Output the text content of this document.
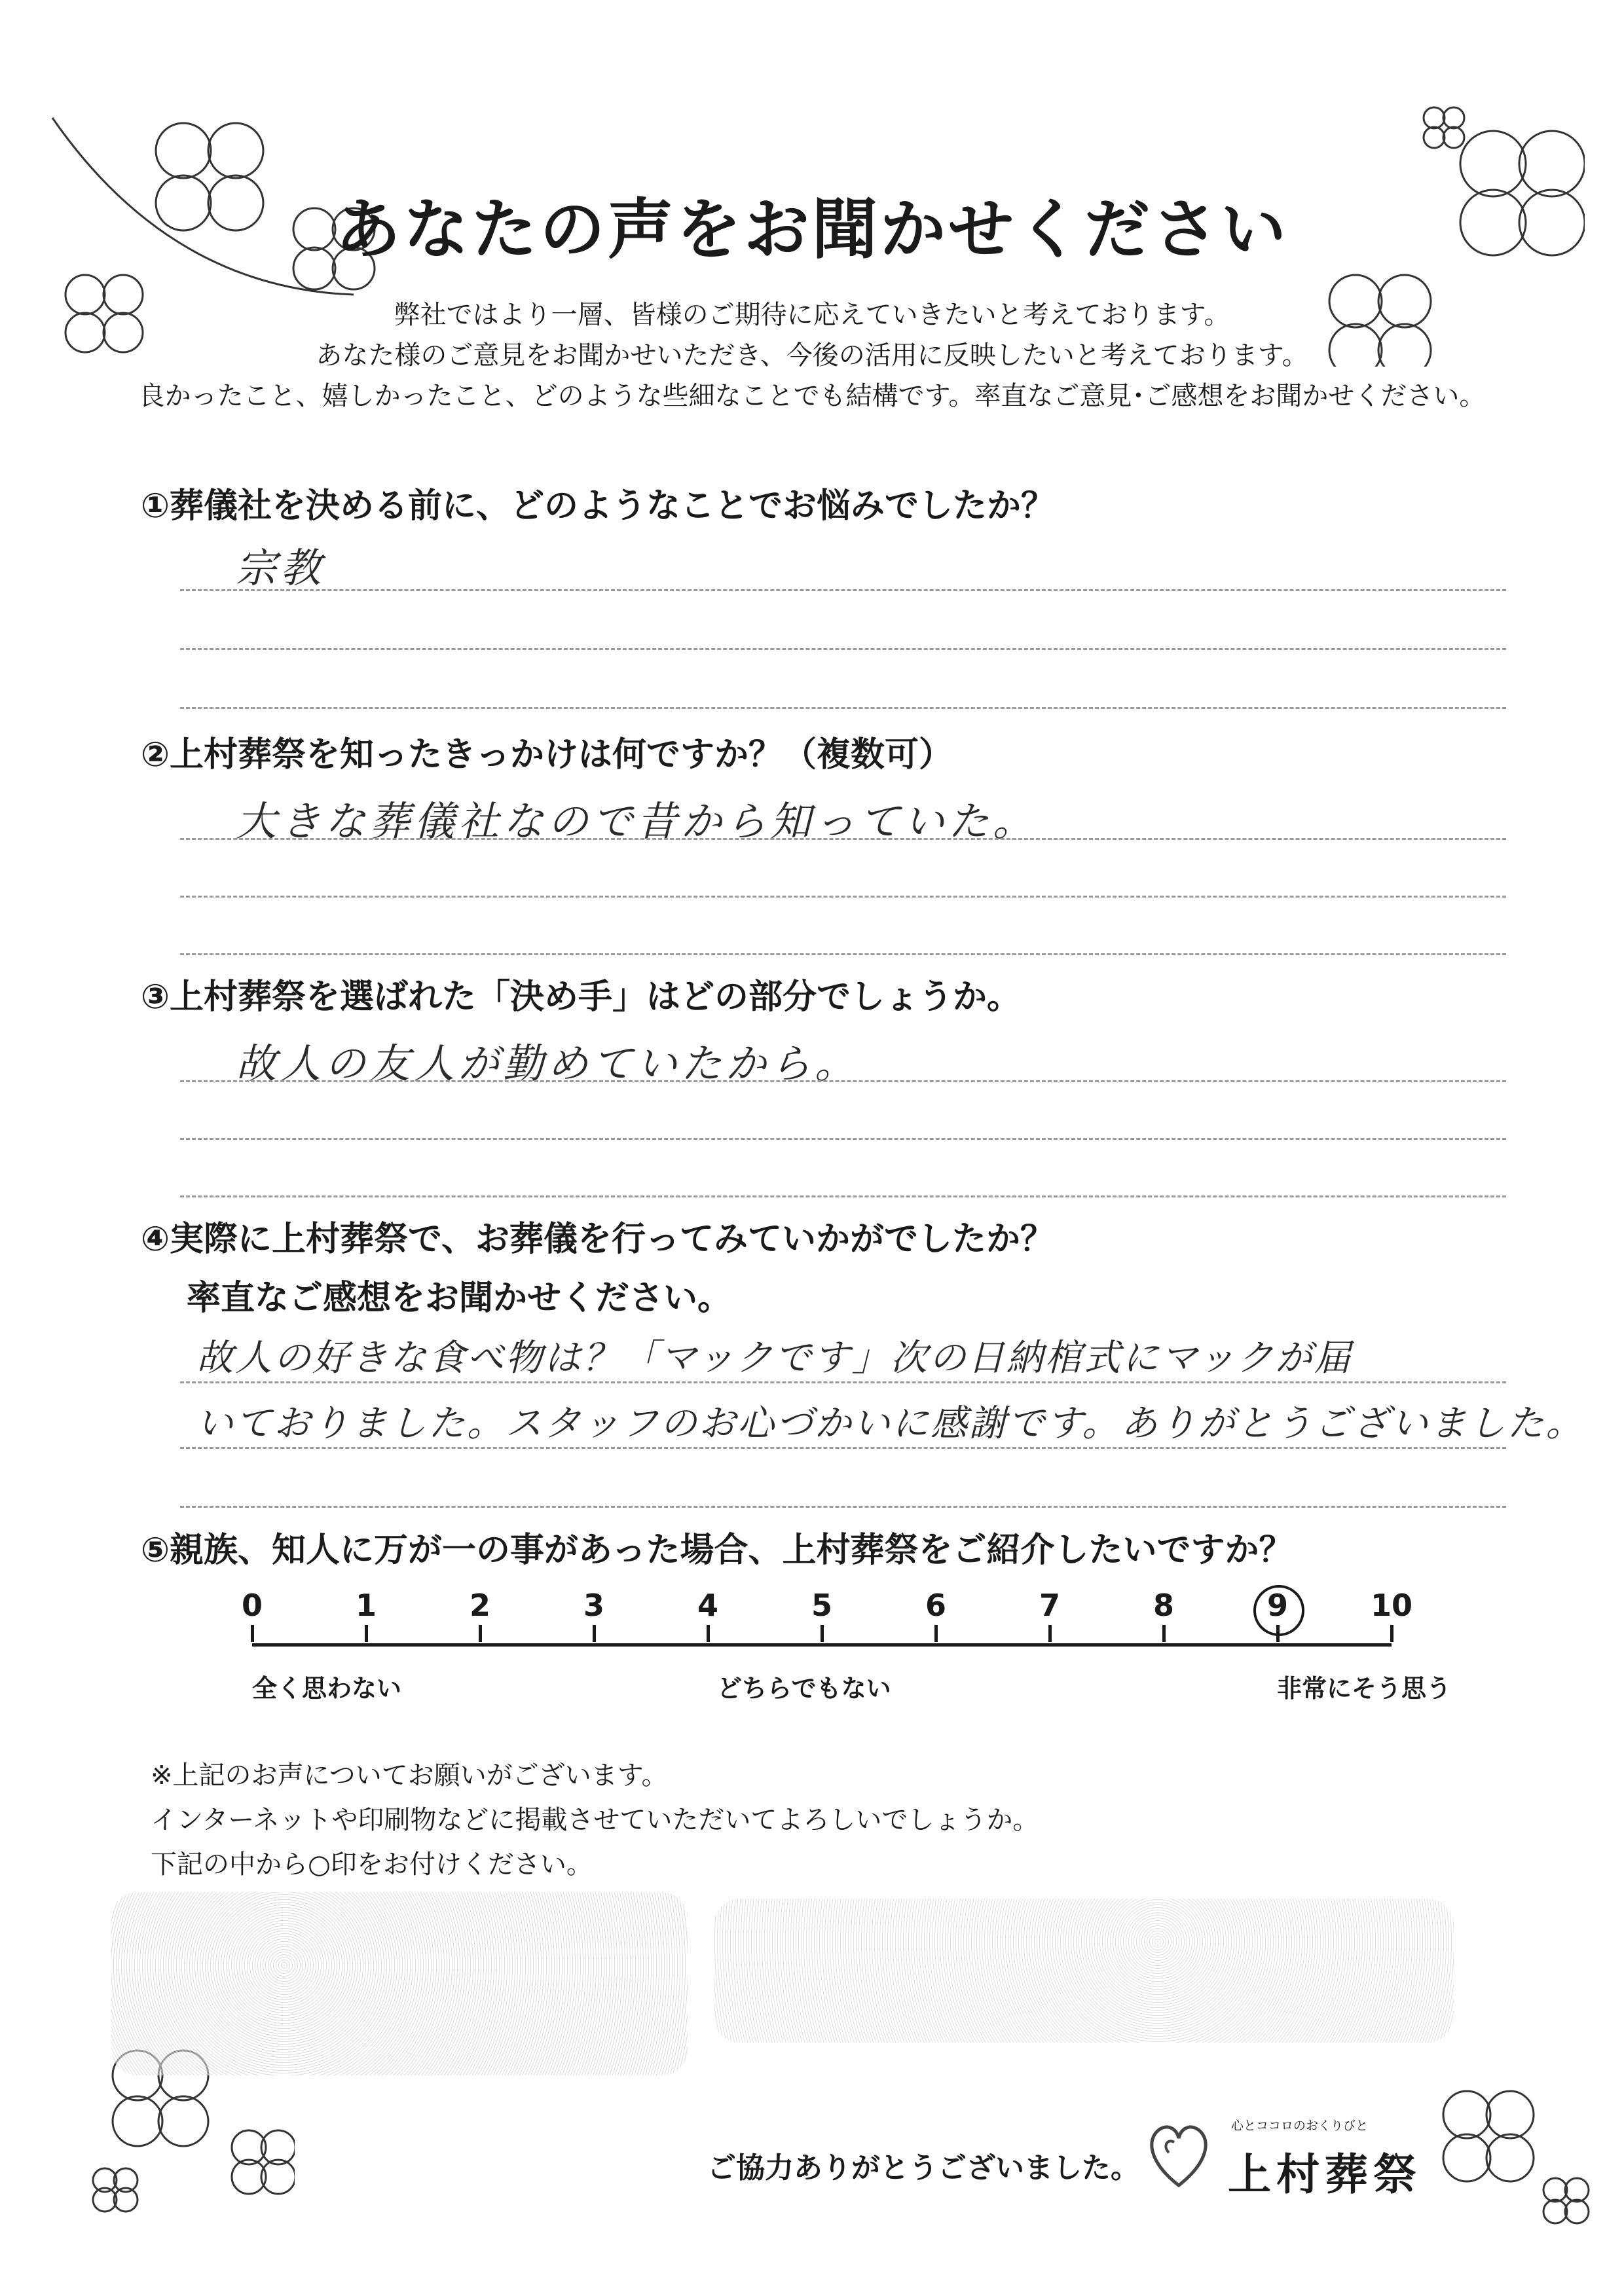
あなたの声をお聞かせください
弊社ではより一層、皆様のご期待に応えていきたいと考えております。
あなた様のご意見をお聞かせいただき、今後の活用に反映したいと考えております。
良かったこと、嬉しかったこと、どのような些細なことでも結構です。率直なご意見･ご感想をお聞かせください。
①葬儀社を決める前に、どのようなことでお悩みでしたか？
宗教
②上村葬祭を知ったきっかけは何ですか？（複数可）
大きな葬儀社なので昔から知っていた。
③上村葬祭を選ばれた「決め手」はどの部分でしょうか。
故人の友人が勤めていたから。
④実際に上村葬祭で、お葬儀を行ってみていかがでしたか？
率直なご感想をお聞かせください。
故人の好きな食べ物は？「マックです」次の日納棺式にマックが届
いておりました。スタッフのお心づかいに感謝です。ありがとうございました。
⑤親族、知人に万が一の事があった場合、上村葬祭をご紹介したいですか？
0	1	2	3	4	5	6	7	8	9	10
全く思わない	どちらでもない	非常にそう思う
※上記のお声についてお願いがございます。
インターネットや印刷物などに掲載させていただいてよろしいでしょうか。
下記の中から○印をお付けください。
ご協力ありがとうございました。
心とココロのおくりびと
上村葬祭
